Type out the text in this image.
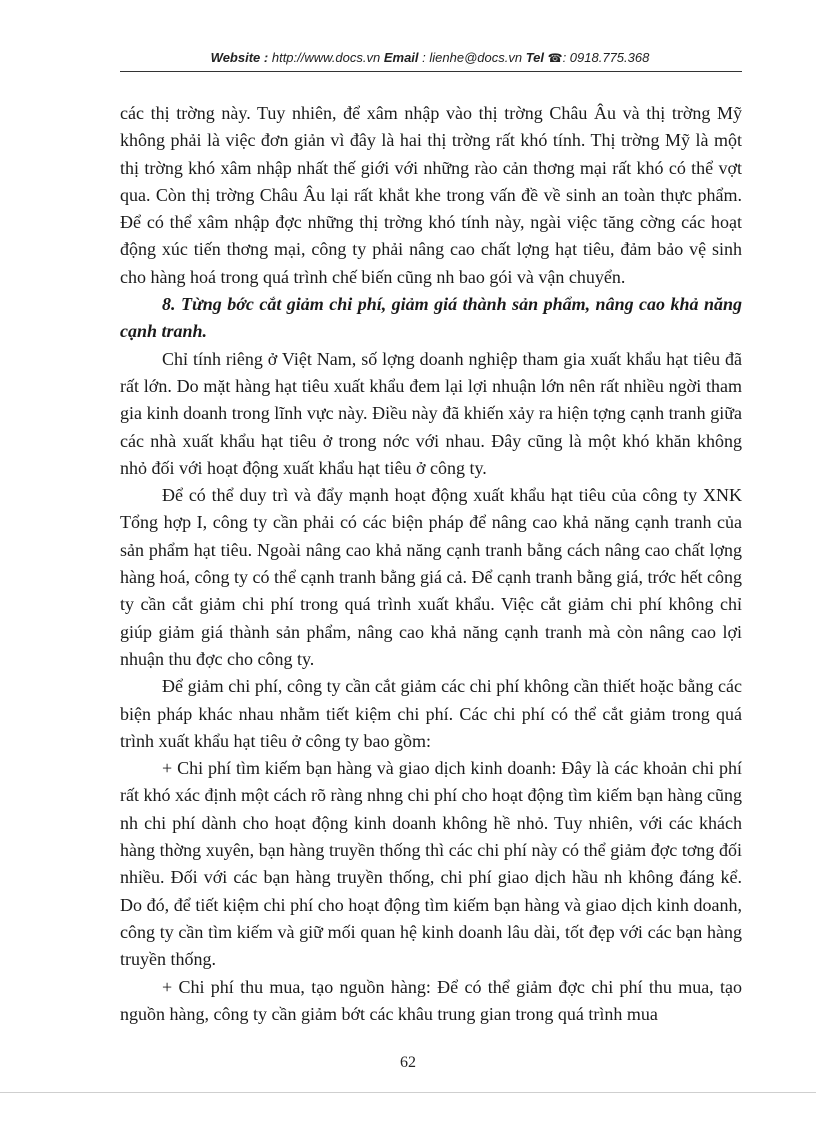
Website : http://www.docs.vn Email : lienhe@docs.vn Tel ☎: 0918.775.368

các thị trờng này. Tuy nhiên, để xâm nhập vào thị trờng Châu Âu và thị trờng Mỹ không phải là việc đơn giản vì đây là hai thị trờng rất khó tính. Thị trờng Mỹ là một thị trờng khó xâm nhập nhất thế giới với những rào cản thơng mại rất khó có thể vợt qua. Còn thị trờng Châu Âu lại rất khắt khe trong vấn đề về sinh an toàn thực phẩm. Để có thể xâm nhập đợc những thị trờng khó tính này, ngài việc tăng cờng các hoạt động xúc tiến thơng mại, công ty phải nâng cao chất lợng hạt tiêu, đảm bảo vệ sinh cho hàng hoá trong quá trình chế biến cũng nh bao gói và vận chuyển.

8. Từng bớc cắt giảm chi phí, giảm giá thành sản phẩm, nâng cao khả năng cạnh tranh.

Chỉ tính riêng ở Việt Nam, số lợng doanh nghiệp tham gia xuất khẩu hạt tiêu đã rất lớn. Do mặt hàng hạt tiêu xuất khẩu đem lại lợi nhuận lớn nên rất nhiều ngời tham gia kinh doanh trong lĩnh vực này. Điều này đã khiến xảy ra hiện tợng cạnh tranh giữa các nhà xuất khẩu hạt tiêu ở trong nớc với nhau. Đây cũng là một khó khăn không nhỏ đối với hoạt động xuất khẩu hạt tiêu ở công ty.

Để có thể duy trì và đẩy mạnh hoạt động xuất khẩu hạt tiêu của công ty XNK Tổng hợp I, công ty cần phải có các biện pháp để nâng cao khả năng cạnh tranh của sản phẩm hạt tiêu. Ngoài nâng cao khả năng cạnh tranh bằng cách nâng cao chất lợng hàng hoá, công ty có thể cạnh tranh bằng giá cả. Để cạnh tranh bằng giá, trớc hết công ty cần cắt giảm chi phí trong quá trình xuất khẩu. Việc cắt giảm chi phí không chỉ giúp giảm giá thành sản phẩm, nâng cao khả năng cạnh tranh mà còn nâng cao lợi nhuận thu đợc cho công ty.

Để giảm chi phí, công ty cần cắt giảm các chi phí không cần thiết hoặc bằng các biện pháp khác nhau nhằm tiết kiệm chi phí. Các chi phí có thể cắt giảm trong quá trình xuất khẩu hạt tiêu ở công ty bao gồm:

+ Chi phí tìm kiếm bạn hàng và giao dịch kinh doanh: Đây là các khoản chi phí rất khó xác định một cách rõ ràng nhng chi phí cho hoạt động tìm kiếm bạn hàng cũng nh chi phí dành cho hoạt động kinh doanh không hề nhỏ. Tuy nhiên, với các khách hàng thờng xuyên, bạn hàng truyền thống thì các chi phí này có thể giảm đợc tơng đối nhiều. Đối với các bạn hàng truyền thống, chi phí giao dịch hầu nh không đáng kể. Do đó, để tiết kiệm chi phí cho hoạt động tìm kiếm bạn hàng và giao dịch kinh doanh, công ty cần tìm kiếm và giữ mối quan hệ kinh doanh lâu dài, tốt đẹp với các bạn hàng truyền thống.

+ Chi phí thu mua, tạo nguồn hàng: Để có thể giảm đợc chi phí thu mua, tạo nguồn hàng, công ty cần giảm bớt các khâu trung gian trong quá trình mua

62
